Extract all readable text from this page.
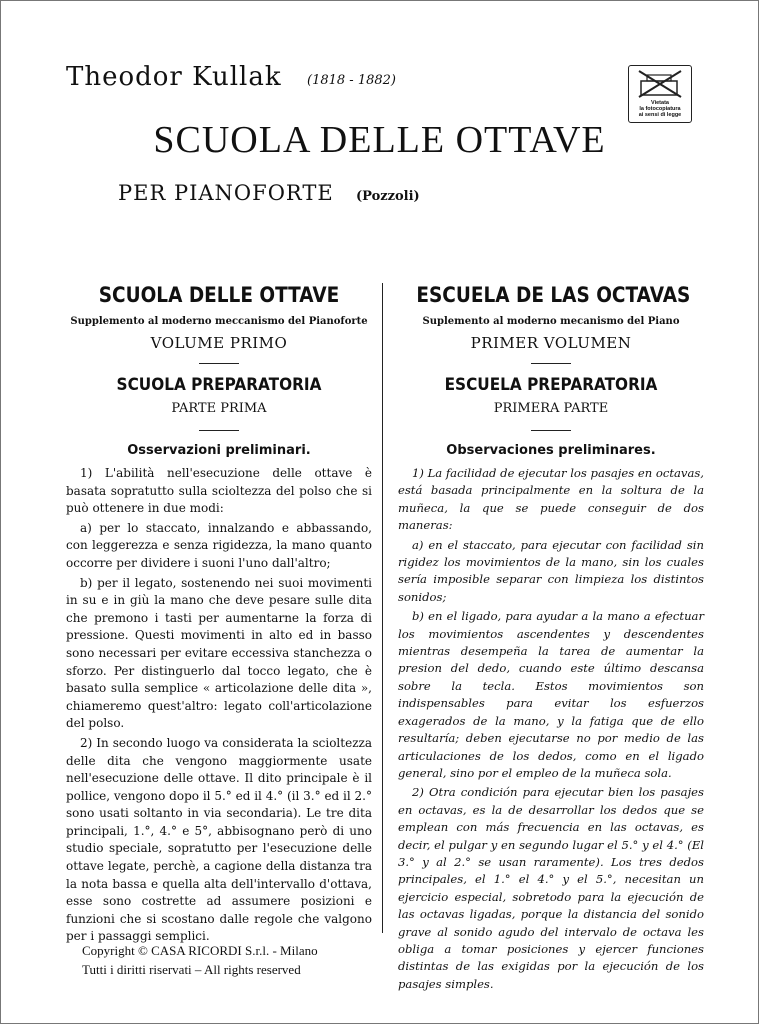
Theodor Kullak (1818 - 1882)
SCUOLA DELLE OTTAVE
PER PIANOFORTE (Pozzoli)
Vietata
la fotocopiatura
ai sensi di legge
SCUOLA DELLE OTTAVE
Supplemento al moderno meccanismo del Pianoforte
VOLUME PRIMO
SCUOLA PREPARATORIA
PARTE PRIMA
Osservazioni preliminari.

1) L'abilità nell'esecuzione delle ottave è basata sopratutto sulla scioltezza del polso che si può ottenere in due modi:

a) per lo staccato, innalzando e abbassando, con leggerezza e senza rigidezza, la mano quanto occorre per dividere i suoni l'uno dall'altro;

b) per il legato, sostenendo nei suoi movimenti in su e in giù la mano che deve pesare sulle dita che premono i tasti per aumentarne la forza di pressione. Questi movimenti in alto ed in basso sono necessari per evitare eccessiva stanchezza o sforzo. Per distinguerlo dal tocco legato, che è basato sulla semplice « articolazione delle dita », chiameremo quest'altro: legato coll'articolazione del polso.

2) In secondo luogo va considerata la scioltezza delle dita che vengono maggiormente usate nell'esecuzione delle ottave. Il dito principale è il pollice, vengono dopo il 5.° ed il 4.° (il 3.° ed il 2.° sono usati soltanto in via secondaria). Le tre dita principali, 1.°, 4.° e 5°, abbisognano però di uno studio speciale, sopratutto per l'esecuzione delle ottave legate, perchè, a cagione della distanza tra la nota bassa e quella alta dell'intervallo d'ottava, esse sono costrette ad assumere posizioni e funzioni che si scostano dalle regole che valgono per i passaggi semplici.

ESCUELA DE LAS OCTAVAS
Suplemento al moderno mecanismo del Piano
PRIMER VOLUMEN
ESCUELA PREPARATORIA
PRIMERA PARTE
Observaciones preliminares.

1) La facilidad de ejecutar los pasajes en octavas, está basada principalmente en la soltura de la muñeca, la que se puede conseguir de dos maneras:

a) en el staccato, para ejecutar con facilidad sin rigidez los movimientos de la mano, sin los cuales sería imposible separar con limpieza los distintos sonidos;

b) en el ligado, para ayudar a la mano a efectuar los movimientos ascendentes y descendentes mientras desempeña la tarea de aumentar la presion del dedo, cuando este último descansa sobre la tecla. Estos movimientos son indispensables para evitar los esfuerzos exagerados de la mano, y la fatiga que de ello resultaría; deben ejecutarse no por medio de las articulaciones de los dedos, como en el ligado general, sino por el empleo de la muñeca sola.

2) Otra condición para ejecutar bien los pasajes en octavas, es la de desarrollar los dedos que se emplean con más frecuencia en las octavas, es decir, el pulgar y en segundo lugar el 5.° y el 4.° (El 3.° y al 2.° se usan raramente). Los tres dedos principales, el 1.° el 4.° y el 5.°, necesitan un ejercicio especial, sobretodo para la ejecución de las octavas ligadas, porque la distancia del sonido grave al sonido agudo del intervalo de octava les obliga a tomar posiciones y ejercer funciones distintas de las exigidas por la ejecución de los pasajes simples.

Copyright © CASA RICORDI S.r.l. - Milano
Tutti i diritti riservati – All rights reserved
